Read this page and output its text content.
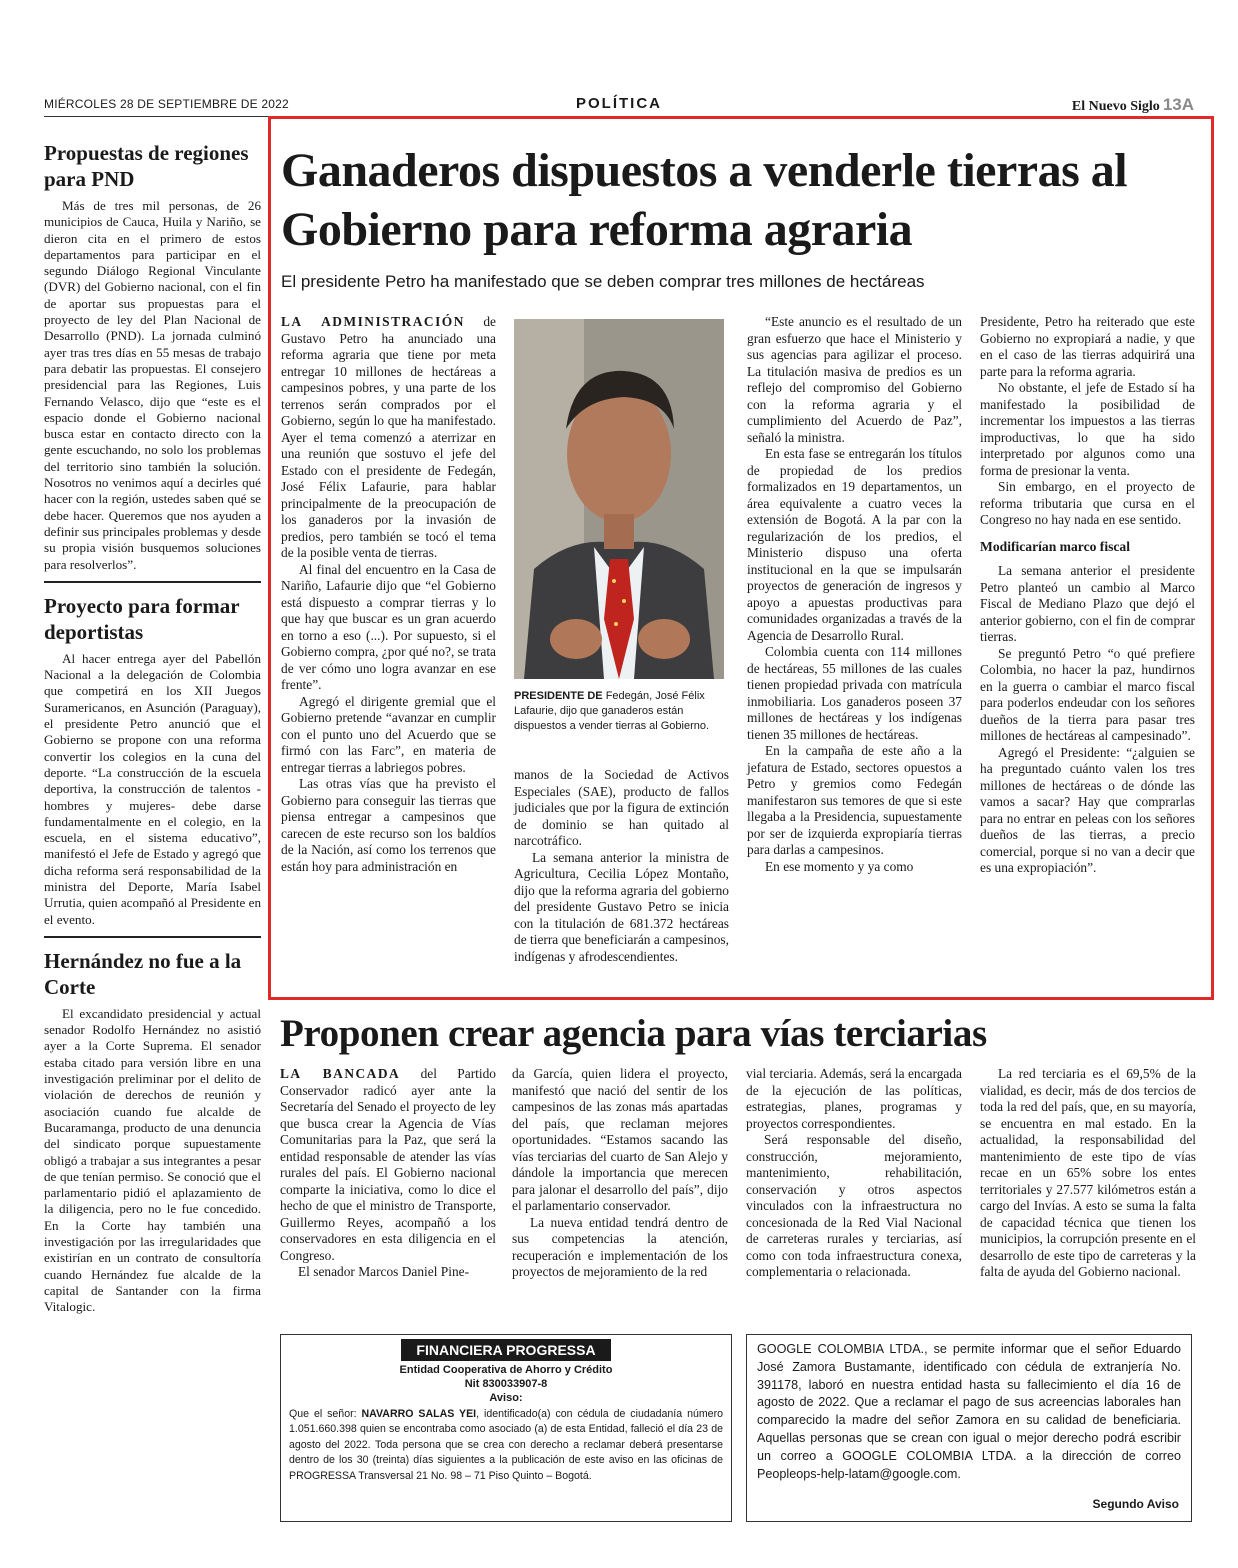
MIÉRCOLES 28 DE SEPTIEMBRE DE 2022	POLÍTICA	El Nuevo Siglo 13A
Propuestas de regiones para PND

Más de tres mil personas, de 26 municipios de Cauca, Huila y Nariño, se dieron cita en el primero de estos departamentos para participar en el segundo Diálogo Regional Vinculante (DVR) del Gobierno nacional, con el fin de aportar sus propuestas para el proyecto de ley del Plan Nacional de Desarrollo (PND). La jornada culminó ayer tras tres días en 55 mesas de trabajo para debatir las propuestas. El consejero presidencial para las Regiones, Luis Fernando Velasco, dijo que “este es el espacio donde el Gobierno nacional busca estar en contacto directo con la gente escuchando, no solo los problemas del territorio sino también la solución. Nosotros no venimos aquí a decirles qué hacer con la región, ustedes saben qué se debe hacer. Queremos que nos ayuden a definir sus principales problemas y desde su propia visión busquemos soluciones para resolverlos”.

Proyecto para formar deportistas

Al hacer entrega ayer del Pabellón Nacional a la delegación de Colombia que competirá en los XII Juegos Suramericanos, en Asunción (Paraguay), el presidente Petro anunció que el Gobierno se propone con una reforma convertir los colegios en la cuna del deporte. “La construcción de la escuela deportiva, la construcción de talentos -hombres y mujeres- debe darse fundamentalmente en el colegio, en la escuela, en el sistema educativo”, manifestó el Jefe de Estado y agregó que dicha reforma será responsabilidad de la ministra del Deporte, María Isabel Urrutia, quien acompañó al Presidente en el evento.

Hernández no fue a la Corte

El excandidato presidencial y actual senador Rodolfo Hernández no asistió ayer a la Corte Suprema. El senador estaba citado para versión libre en una investigación preliminar por el delito de violación de derechos de reunión y asociación cuando fue alcalde de Bucaramanga, producto de una denuncia del sindicato porque supuestamente obligó a trabajar a sus integrantes a pesar de que tenían permiso. Se conoció que el parlamentario pidió el aplazamiento de la diligencia, pero no le fue concedido. En la Corte hay también una investigación por las irregularidades que existirían en un contrato de consultoría cuando Hernández fue alcalde de la capital de Santander con la firma Vitalogic.

Ganaderos dispuestos a venderle tierras al Gobierno para reforma agraria
El presidente Petro ha manifestado que se deben comprar tres millones de hectáreas

LA ADMINISTRACIÓN de Gustavo Petro ha anunciado una reforma agraria que tiene por meta entregar 10 millones de hectáreas a campesinos pobres, y una parte de los terrenos serán comprados por el Gobierno, según lo que ha manifestado. Ayer el tema comenzó a aterrizar en una reunión que sostuvo el jefe del Estado con el presidente de Fedegán, José Félix Lafaurie, para hablar principalmente de la preocupación de los ganaderos por la invasión de predios, pero también se tocó el tema de la posible venta de tierras.

Al final del encuentro en la Casa de Nariño, Lafaurie dijo que “el Gobierno está dispuesto a comprar tierras y lo que hay que buscar es un gran acuerdo en torno a eso (...). Por supuesto, si el Gobierno compra, ¿por qué no?, se trata de ver cómo uno logra avanzar en ese frente”.

Agregó el dirigente gremial que el Gobierno pretende “avanzar en cumplir con el punto uno del Acuerdo que se firmó con las Farc”, en materia de entregar tierras a labriegos pobres.

Las otras vías que ha previsto el Gobierno para conseguir las tierras que piensa entregar a campesinos que carecen de este recurso son los baldíos de la Nación, así como los terrenos que están hoy para administración en

PRESIDENTE DE Fedegán, José Félix Lafaurie, dijo que ganaderos están dispuestos a vender tierras al Gobierno.

manos de la Sociedad de Activos Especiales (SAE), producto de fallos judiciales que por la figura de extinción de dominio se han quitado al narcotráfico.

La semana anterior la ministra de Agricultura, Cecilia López Montaño, dijo que la reforma agraria del gobierno del presidente Gustavo Petro se inicia con la titulación de 681.372 hectáreas de tierra que beneficiarán a campesinos, indígenas y afrodescendientes.

“Este anuncio es el resultado de un gran esfuerzo que hace el Ministerio y sus agencias para agilizar el proceso. La titulación masiva de predios es un reflejo del compromiso del Gobierno con la reforma agraria y el cumplimiento del Acuerdo de Paz”, señaló la ministra.

En esta fase se entregarán los títulos de propiedad de los predios formalizados en 19 departamentos, un área equivalente a cuatro veces la extensión de Bogotá. A la par con la regularización de los predios, el Ministerio dispuso una oferta institucional en la que se impulsarán proyectos de generación de ingresos y apoyo a apuestas productivas para comunidades organizadas a través de la Agencia de Desarrollo Rural.

Colombia cuenta con 114 millones de hectáreas, 55 millones de las cuales tienen propiedad privada con matrícula inmobiliaria. Los ganaderos poseen 37 millones de hectáreas y los indígenas tienen 35 millones de hectáreas.

En la campaña de este año a la jefatura de Estado, sectores opuestos a Petro y gremios como Fedegán manifestaron sus temores de que si este llegaba a la Presidencia, supuestamente por ser de izquierda expropiaría tierras para darlas a campesinos.

En ese momento y ya como

Presidente, Petro ha reiterado que este Gobierno no expropiará a nadie, y que en el caso de las tierras adquirirá una parte para la reforma agraria.

No obstante, el jefe de Estado sí ha manifestado la posibilidad de incrementar los impuestos a las tierras improductivas, lo que ha sido interpretado por algunos como una forma de presionar la venta.

Sin embargo, en el proyecto de reforma tributaria que cursa en el Congreso no hay nada en ese sentido.

Modificarían marco fiscal

La semana anterior el presidente Petro planteó un cambio al Marco Fiscal de Mediano Plazo que dejó el anterior gobierno, con el fin de comprar tierras.

Se preguntó Petro “o qué prefiere Colombia, no hacer la paz, hundirnos en la guerra o cambiar el marco fiscal para poderlos endeudar con los señores dueños de la tierra para pasar tres millones de hectáreas al campesinado”.

Agregó el Presidente: “¿alguien se ha preguntado cuánto valen los tres millones de hectáreas o de dónde las vamos a sacar? Hay que comprarlas para no entrar en peleas con los señores dueños de las tierras, a precio comercial, porque si no van a decir que es una expropiación”.

Proponen crear agencia para vías terciarias

LA BANCADA del Partido Conservador radicó ayer ante la Secretaría del Senado el proyecto de ley que busca crear la Agencia de Vías Comunitarias para la Paz, que será la entidad responsable de atender las vías rurales del país. El Gobierno nacional comparte la iniciativa, como lo dice el hecho de que el ministro de Transporte, Guillermo Reyes, acompañó a los conservadores en esta diligencia en el Congreso.

El senador Marcos Daniel Pine-

da García, quien lidera el proyecto, manifestó que nació del sentir de los campesinos de las zonas más apartadas del país, que reclaman mejores oportunidades. “Estamos sacando las vías terciarias del cuarto de San Alejo y dándole la importancia que merecen para jalonar el desarrollo del país”, dijo el parlamentario conservador.

La nueva entidad tendrá dentro de sus competencias la atención, recuperación e implementación de los proyectos de mejoramiento de la red

vial terciaria. Además, será la encargada de la ejecución de las políticas, estrategias, planes, programas y proyectos correspondientes.

Será responsable del diseño, construcción, mejoramiento, mantenimiento, rehabilitación, conservación y otros aspectos vinculados con la infraestructura no concesionada de la Red Vial Nacional de carreteras rurales y terciarias, así como con toda infraestructura conexa, complementaria o relacionada.

La red terciaria es el 69,5% de la vialidad, es decir, más de dos tercios de toda la red del país, que, en su mayoría, se encuentra en mal estado. En la actualidad, la responsabilidad del mantenimiento de este tipo de vías recae en un 65% sobre los entes territoriales y 27.577 kilómetros están a cargo del Invías. A esto se suma la falta de capacidad técnica que tienen los municipios, la corrupción presente en el desarrollo de este tipo de carreteras y la falta de ayuda del Gobierno nacional.

FINANCIERA PROGRESSA
Entidad Cooperativa de Ahorro y Crédito
Nit 830033907-8
Aviso:
Que el señor: NAVARRO SALAS YEI, identificado(a) con cédula de ciudadanía número 1.051.660.398 quien se encontraba como asociado (a) de esta Entidad, falleció el día 23 de agosto del 2022. Toda persona que se crea con derecho a reclamar deberá presentarse dentro de los 30 (treinta) días siguientes a la publicación de este aviso en las oficinas de PROGRESSA Transversal 21 No. 98 – 71 Piso Quinto – Bogotá.
GOOGLE COLOMBIA LTDA., se permite informar que el señor Eduardo José Zamora Bustamante, identificado con cédula de extranjería No. 391178, laboró en nuestra entidad hasta su fallecimiento el día 16 de agosto de 2022. Que a reclamar el pago de sus acreencias laborales han comparecido la madre del señor Zamora en su calidad de beneficiaria. Aquellas personas que se crean con igual o mejor derecho podrá escribir un correo a GOOGLE COLOMBIA LTDA. a la dirección de correo Peopleops-help-latam@google.com.
Segundo Aviso
